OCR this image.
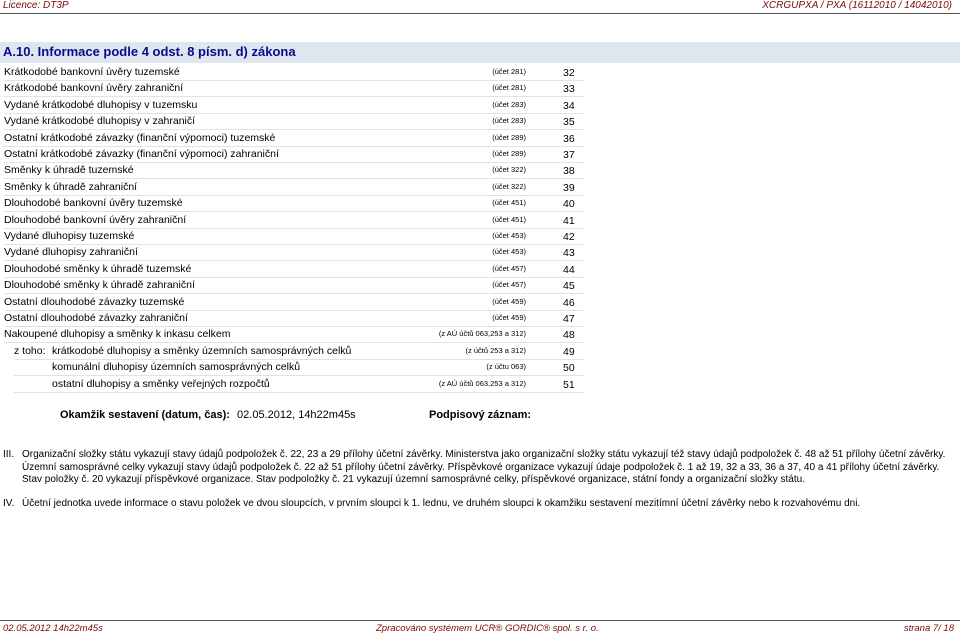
Licence: DT3P	XCRGUPXA / PXA (16112010 / 14042010)
A.10. Informace podle 4 odst. 8 písm. d) zákona
Krátkodobé bankovní úvěry tuzemské	(účet 281)	32
Krátkodobé bankovní úvěry zahraniční	(účet 281)	33
Vydané krátkodobé dluhopisy v tuzemsku	(účet 283)	34
Vydané krátkodobé dluhopisy v zahraničí	(účet 283)	35
Ostatní krátkodobé závazky (finanční výpomoci) tuzemské	(účet 289)	36
Ostatní krátkodobé závazky (finanční výpomoci) zahraniční	(účet 289)	37
Směnky k úhradě tuzemské	(účet 322)	38
Směnky k úhradě zahraniční	(účet 322)	39
Dlouhodobé bankovní úvěry tuzemské	(účet 451)	40
Dlouhodobé bankovní úvěry zahraniční	(účet 451)	41
Vydané dluhopisy tuzemské	(účet 453)	42
Vydané dluhopisy zahraniční	(účet 453)	43
Dlouhodobé směnky k úhradě tuzemské	(účet 457)	44
Dlouhodobé směnky k úhradě zahraniční	(účet 457)	45
Ostatní dlouhodobé závazky tuzemské	(účet 459)	46
Ostatní dlouhodobé závazky zahraniční	(účet 459)	47
Nakoupené dluhopisy a směnky k inkasu celkem	(z AÚ účtů 063,253 a 312)	48
z toho: krátkodobé dluhopisy a směnky územních samosprávných celků	(z účtů 253 a 312)	49
komunální dluhopisy územních samosprávných celků	(z účtu 063)	50
ostatní dluhopisy a směnky veřejných rozpočtů	(z AÚ účtů 063,253 a 312)	51
Okamžik sestavení (datum, čas): 02.05.2012, 14h22m45s	Podpisový záznam:
III. Organizační složky státu vykazují stavy údajů podpoložek č. 22, 23 a 29 přílohy účetní závěrky. Ministerstva jako organizační složky státu vykazují též stavy údajů podpoložek č. 48 až 51 přílohy účetní závěrky. Územní samosprávné celky vykazují stavy údajů podpoložek č. 22 až 51 přílohy účetní závěrky. Příspěvkové organizace vykazují údaje podpoložek č. 1 až 19, 32 a 33, 36 a 37, 40 a 41 přílohy účetní závěrky. Stav položky č. 20 vykazují příspěvkové organizace. Stav podpoložky č. 21 vykazují územní samosprávné celky, příspěvkové organizace, státní fondy a organizační složky státu.
IV. Účetní jednotka uvede informace o stavu položek ve dvou sloupcích, v prvním sloupci k 1. lednu, ve druhém sloupci k okamžiku sestavení mezitímní účetní závěrky nebo k rozvahovému dni.
02.05.2012 14h22m45s	Zpracováno systémem UCR® GORDIC® spol. s r. o.	strana 7/ 18
